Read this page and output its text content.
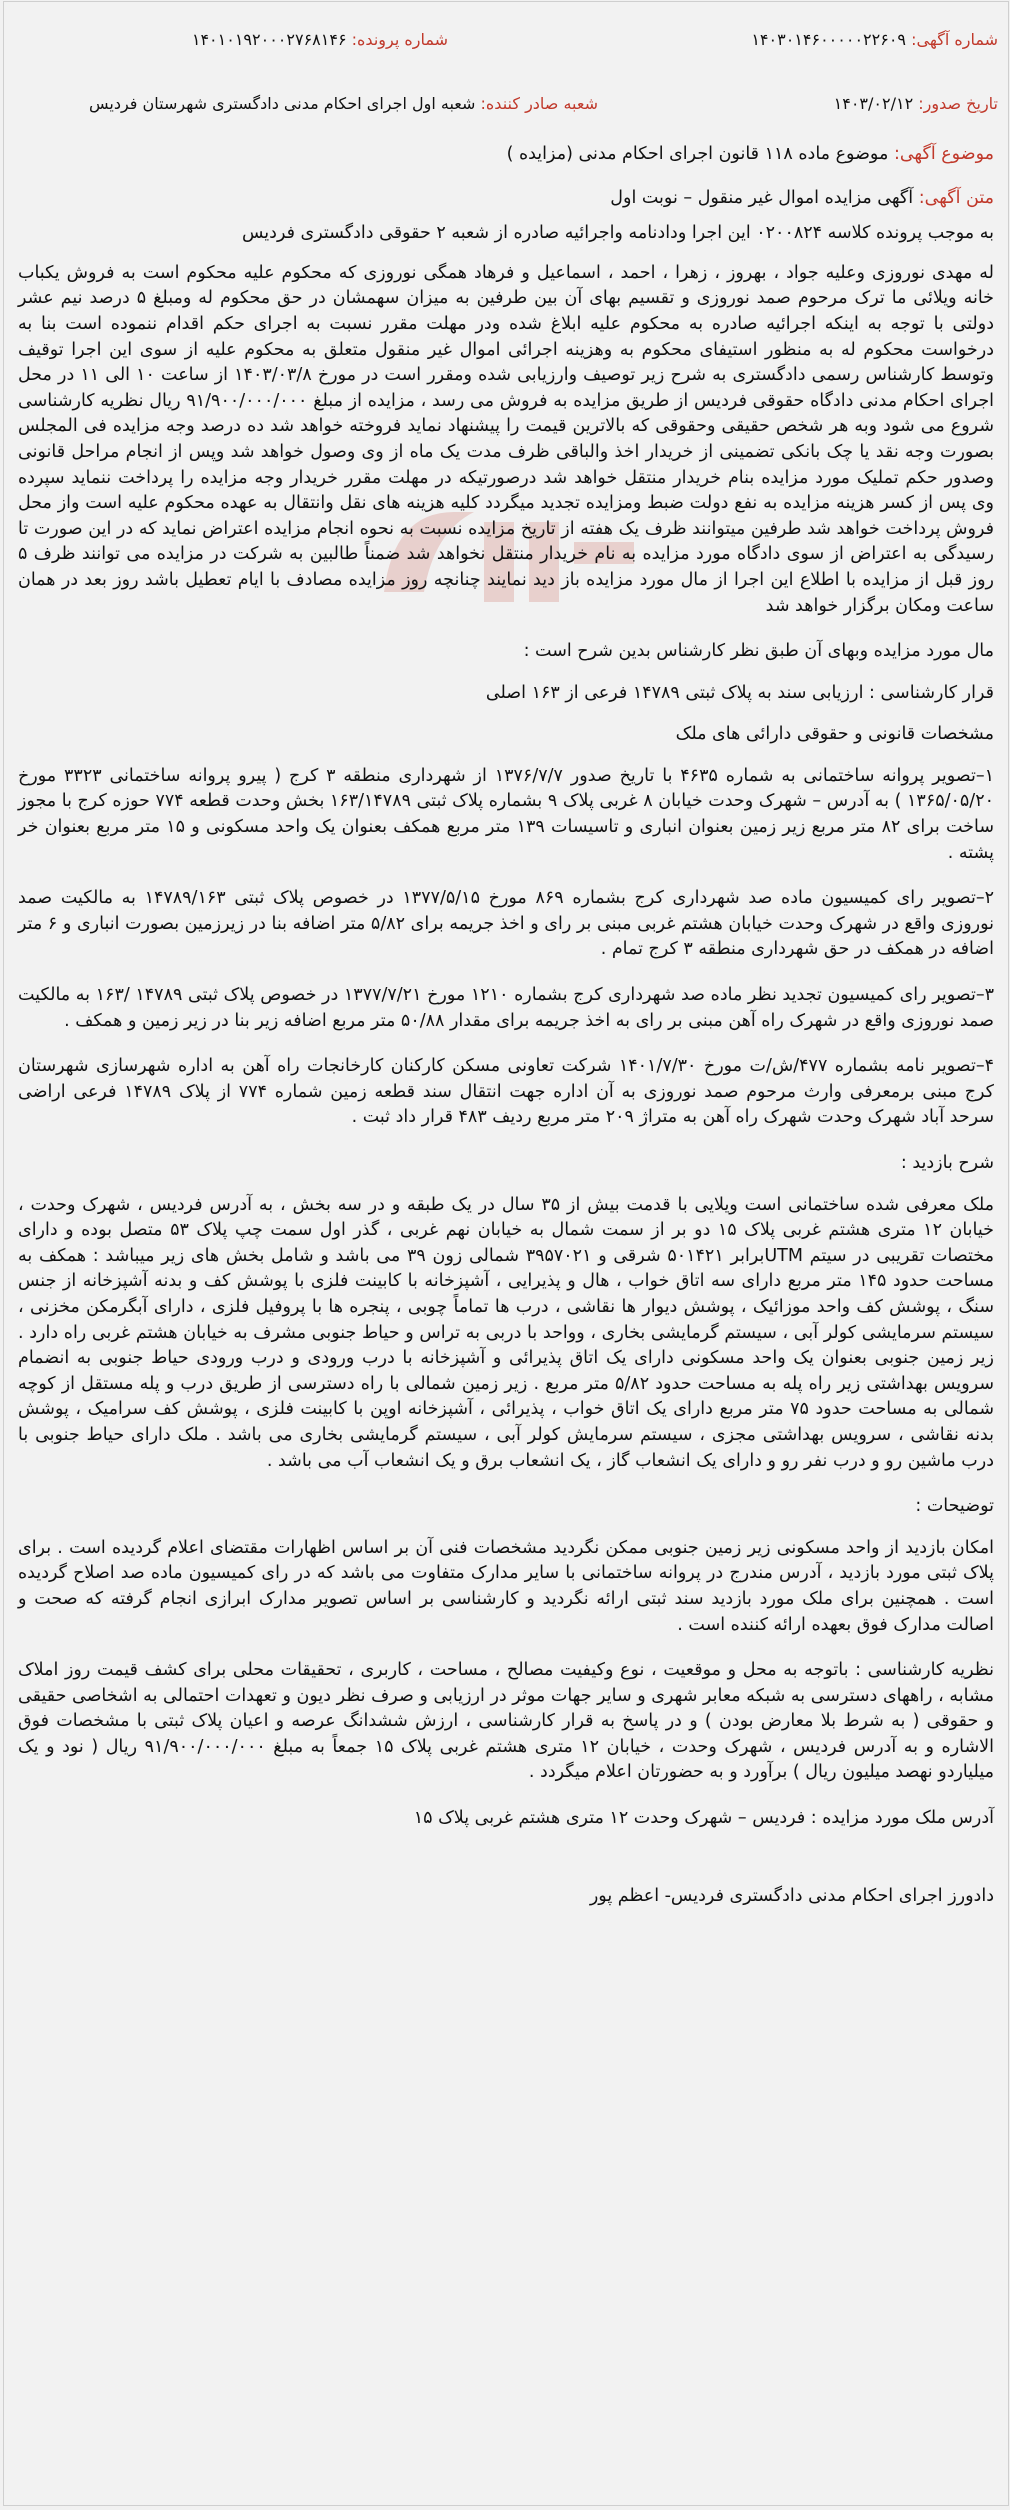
شماره آگهی: ۱۴۰۳۰۱۴۶۰۰۰۰۰۲۲۶۰۹
شماره پرونده: ۱۴۰۱۰۱۹۲۰۰۰۲۷۶۸۱۴۶
تاریخ صدور: ۱۴۰۳/۰۲/۱۲
شعبه صادر کننده: شعبه اول اجرای احکام مدنی دادگستری شهرستان فردیس

موضوع آگهی: موضوع ماده ۱۱۸ قانون اجرای احکام مدنی (مزایده )

متن آگهی: آگهی مزایده اموال غیر منقول – نوبت اول

به موجب پرونده کلاسه ۰۲۰۰۸۲۴ این اجرا ودادنامه واجرائیه صادره از شعبه ۲ حقوقی دادگستری فردیس

له مهدی نوروزی وعلیه جواد ، بهروز ، زهرا ، احمد ، اسماعیل و فرهاد همگی نوروزی که محکوم علیه محکوم است به فروش یکباب خانه ویلائی ما ترک مرحوم صمد نوروزی و تقسیم بهای آن بین طرفین به میزان سهمشان در حق محکوم له ومبلغ ۵ درصد نیم عشر دولتی با توجه به اینکه اجرائیه صادره به محکوم علیه ابلاغ شده ودر مهلت مقرر نسبت به اجرای حکم اقدام ننموده است بنا به درخواست محکوم له به منظور استیفای محکوم به وهزینه اجرائی اموال غیر منقول متعلق به محکوم علیه از سوی این اجرا توقیف وتوسط کارشناس رسمی دادگستری به شرح زیر توصیف وارزیابی شده ومقرر است در مورخ ۱۴۰۳/۰۳/۸ از ساعت ۱۰ الی ۱۱ در محل اجرای احکام مدنی دادگاه حقوقی فردیس از طریق مزایده به فروش می رسد ، مزایده از مبلغ ۹۱/۹۰۰/۰۰۰/۰۰۰ ریال نظریه کارشناسی شروع می شود وبه هر شخص حقیقی وحقوقی که بالاترین قیمت را پیشنهاد نماید فروخته خواهد شد ده درصد وجه مزایده فی المجلس بصورت وجه نقد یا چک بانکی تضمینی از خریدار اخذ والباقی ظرف مدت یک ماه از وی وصول خواهد شد وپس از انجام مراحل قانونی وصدور حکم تملیک مورد مزایده بنام خریدار منتقل خواهد شد درصورتیکه در مهلت مقرر خریدار وجه مزایده را پرداخت ننماید سپرده وی پس از کسر هزینه مزایده به نفع دولت ضبط ومزایده تجدید میگردد کلیه هزینه های نقل وانتقال به عهده محکوم علیه است واز محل فروش پرداخت خواهد شد طرفین میتوانند ظرف یک هفته از تاریخ مزایده نسبت به نحوه انجام مزایده اعتراض نماید که در این صورت تا رسیدگی به اعتراض از سوی دادگاه مورد مزایده به نام خریدار منتقل نخواهد شد ضمناً طالبین به شرکت در مزایده می توانند ظرف ۵ روز قبل از مزایده با اطلاع این اجرا از مال مورد مزایده باز دید نمایند چنانچه روز مزایده مصادف با ایام تعطیل باشد روز بعد در همان ساعت ومکان برگزار خواهد شد

مال مورد مزایده وبهای آن طبق نظر کارشناس بدین شرح است :

قرار کارشناسی : ارزیابی سند به پلاک ثبتی ۱۴۷۸۹ فرعی از ۱۶۳ اصلی

مشخصات قانونی و حقوقی دارائی های ملک

۱–تصویر پروانه ساختمانی به شماره ۴۶۳۵ با تاریخ صدور ۱۳۷۶/۷/۷ از شهرداری منطقه ۳ کرج ( پیرو پروانه ساختمانی ۳۳۲۳ مورخ ۱۳۶۵/۰۵/۲۰ ) به آدرس – شهرک وحدت خیابان ۸ غربی پلاک ۹ بشماره پلاک ثبتی ۱۶۳/۱۴۷۸۹ بخش وحدت قطعه ۷۷۴ حوزه کرج با مجوز ساخت برای ۸۲ متر مربع زیر زمین بعنوان انباری و تاسیسات ۱۳۹ متر مربع همکف بعنوان یک واحد مسکونی و ۱۵ متر مربع بعنوان خر پشته .

۲–تصویر رای کمیسیون ماده صد شهرداری کرج بشماره ۸۶۹ مورخ ۱۳۷۷/۵/۱۵ در خصوص پلاک ثبتی ۱۴۷۸۹/۱۶۳ به مالکیت صمد نوروزی واقع در شهرک وحدت خیابان هشتم غربی مبنی بر رای و اخذ جریمه برای ۵/۸۲ متر اضافه بنا در زیرزمین بصورت انباری و ۶ متر اضافه در همکف در حق شهرداری منطقه ۳ کرج تمام .

۳–تصویر رای کمیسیون تجدید نظر ماده صد شهرداری کرج بشماره ۱۲۱۰ مورخ ۱۳۷۷/۷/۲۱ در خصوص پلاک ثبتی ۱۴۷۸۹ /۱۶۳ به مالکیت صمد نوروزی واقع در شهرک راه آهن مبنی بر رای به اخذ جریمه برای مقدار ۵۰/۸۸ متر مربع اضافه زیر بنا در زیر زمین و همکف .

۴–تصویر نامه بشماره ۴۷۷/ش/ت مورخ ۱۴۰۱/۷/۳۰ شرکت تعاونی مسکن کارکنان کارخانجات راه آهن به اداره شهرسازی شهرستان کرج مبنی برمعرفی وارث مرحوم صمد نوروزی به آن اداره جهت انتقال سند قطعه زمین شماره ۷۷۴ از پلاک ۱۴۷۸۹ فرعی اراضی سرحد آباد شهرک وحدت شهرک راه آهن به متراژ ۲۰۹ متر مربع ردیف ۴۸۳ قرار داد ثبت .

شرح بازدید :

ملک معرفی شده ساختمانی است ویلایی با قدمت بیش از ۳۵ سال در یک طبقه و در سه بخش ، به آدرس فردیس ، شهرک وحدت ، خیابان ۱۲ متری هشتم غربی پلاک ۱۵ دو بر از سمت شمال به خیابان نهم غربی ، گذر اول سمت چپ پلاک ۵۳ متصل بوده و دارای مختصات تقریبی در سیتم UTMبرابر ۵۰۱۴۲۱ شرقی و ۳۹۵۷۰۲۱ شمالی زون ۳۹ می باشد و شامل بخش های زیر میباشد : همکف به مساحت حدود ۱۴۵ متر مربع دارای سه اتاق خواب ، هال و پذیرایی ، آشپزخانه با کابینت فلزی با پوشش کف و بدنه آشپزخانه از جنس سنگ ، پوشش کف واحد موزائیک ، پوشش دیوار ها نقاشی ، درب ها تماماً چوبی ، پنجره ها با پروفیل فلزی ، دارای آبگرمکن مخزنی ، سیستم سرمایشی کولر آبی ، سیستم گرمایشی بخاری ، وواحد با دربی به تراس و حیاط جنوبی مشرف به خیابان هشتم غربی راه دارد . زیر زمین جنوبی بعنوان یک واحد مسکونی دارای یک اتاق پذیرائی و آشپزخانه با درب ورودی و درب ورودی حیاط جنوبی به انضمام سرویس بهداشتی زیر راه پله به مساحت حدود ۵/۸۲ متر مربع . زیر زمین شمالی با راه دسترسی از طریق درب و پله مستقل از کوچه شمالی به مساحت حدود ۷۵ متر مربع دارای یک اتاق خواب ، پذیرائی ، آشپزخانه اوپن با کابینت فلزی ، پوشش کف سرامیک ، پوشش بدنه نقاشی ، سرویس بهداشتی مجزی ، سیستم سرمایش کولر آبی ، سیستم گرمایشی بخاری می باشد . ملک دارای حیاط جنوبی با درب ماشین رو و درب نفر رو و دارای یک انشعاب گاز ، یک انشعاب برق و یک انشعاب آب می باشد .

توضیحات :

امکان بازدید از واحد مسکونی زیر زمین جنوبی ممکن نگردید مشخصات فنی آن بر اساس اظهارات مقتضای اعلام گردیده است . برای پلاک ثبتی مورد بازدید ، آدرس مندرج در پروانه ساختمانی با سایر مدارک متفاوت می باشد که در رای کمیسیون ماده صد اصلاح گردیده است . همچنین برای ملک مورد بازدید سند ثبتی ارائه نگردید و کارشناسی بر اساس تصویر مدارک ابرازی انجام گرفته که صحت و اصالت مدارک فوق بعهده ارائه کننده است .

نظریه کارشناسی : باتوجه به محل و موقعیت ، نوع وکیفیت مصالح ، مساحت ، کاربری ، تحقیقات محلی برای کشف قیمت روز املاک مشابه ، راههای دسترسی به شبکه معابر شهری و سایر جهات موثر در ارزیابی و صرف نظر دیون و تعهدات احتمالی به اشخاصی حقیقی و حقوقی ( به شرط بلا معارض بودن ) و در پاسخ به قرار کارشناسی ، ارزش ششدانگ عرصه و اعیان پلاک ثبتی با مشخصات فوق الاشاره و به آدرس فردیس ، شهرک وحدت ، خیابان ۱۲ متری هشتم غربی پلاک ۱۵ جمعاً به مبلغ ۹۱/۹۰۰/۰۰۰/۰۰۰ ریال ( نود و یک میلیاردو نهصد میلیون ریال ) برآورد و به حضورتان اعلام میگردد .

آدرس ملک مورد مزایده : فردیس – شهرک وحدت ۱۲ متری هشتم غربی پلاک ۱۵

دادورز اجرای احکام مدنی دادگستری فردیس- اعظم پور
